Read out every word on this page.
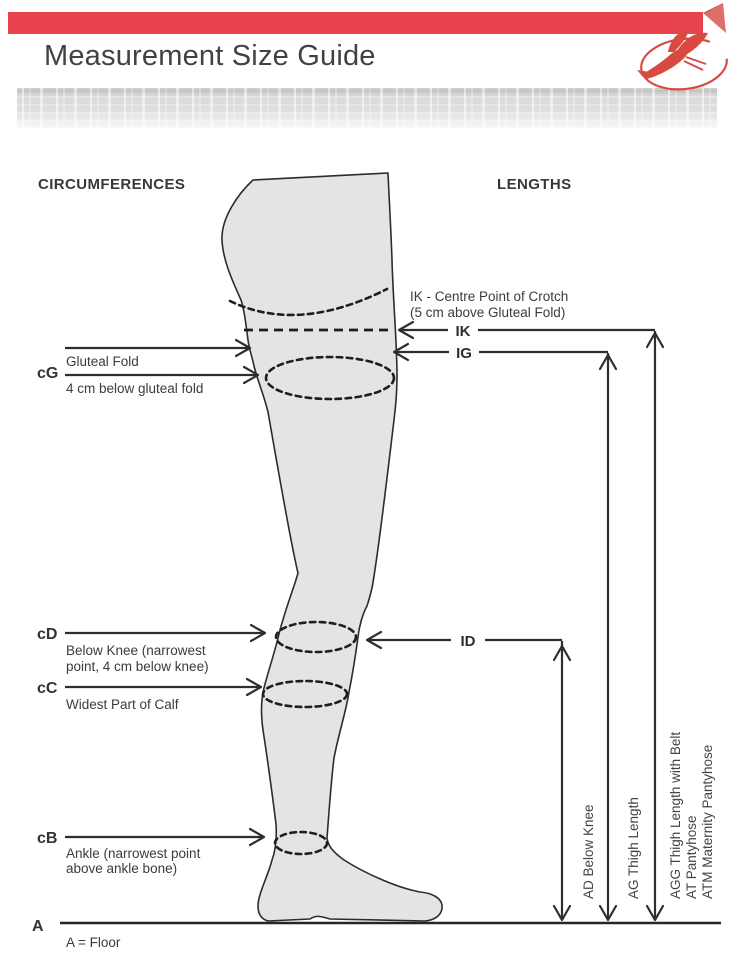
Measurement Size Guide
CIRCUMFERENCES	LENGTHS
IK - Centre Point of Crotch
(5 cm above Gluteal Fold)
IK
IG
ID
cG
Gluteal Fold
4 cm below gluteal fold
cD
Below Knee (narrowest
point, 4 cm below knee)
cC
Widest Part of Calf
cB
Ankle (narrowest point
above ankle bone)
A
A = Floor
AD Below Knee AG Thigh Length AGG Thigh Length with Belt AT Pantyhose ATM Maternity Pantyhose
